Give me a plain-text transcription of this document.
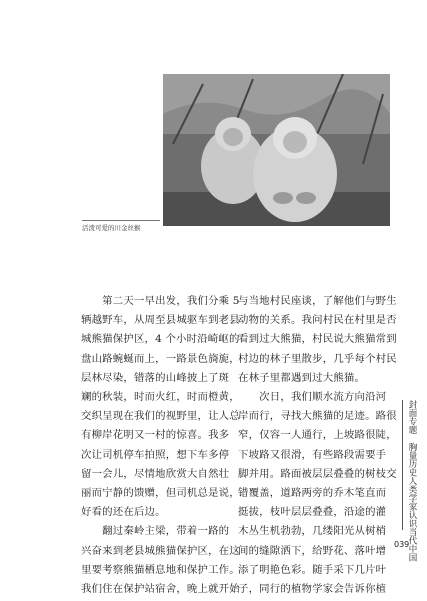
活泼可爱的川金丝猴
　　第二天一早出发，我们分乘 5
辆越野车，从周至县城驱车到老县
城熊猫保护区，4 个小时沿崎岖的
盘山路蜿蜒而上，一路景色旖旎，
层林尽染，错落的山峰披上了斑
斓的秋装，时而火红，时而橙黄，
交织呈现在我们的视野里，让人总
有柳岸花明又一村的惊喜。我多
次让司机停车拍照，想下车多停
留一会儿，尽情地欣赏大自然壮
丽而宁静的馈赠，但司机总是说，
好看的还在后边。
　　翻过秦岭主梁，带着一路的
兴奋来到老县城熊猫保护区，在这
里要考察熊猫栖息地和保护工作。
我们住在保护站宿舍，晚上就开始
与当地村民座谈，了解他们与野生
动物的关系。我问村民在村里是否
看到过大熊猫，村民说大熊猫常到
村边的林子里散步，几乎每个村民
在林子里都遇到过大熊猫。
　　次日，我们顺水流方向沿河
岸而行，寻找大熊猫的足迹。路很
窄，仅容一人通行，上坡路很陡，
下坡路又很滑，有些路段需要手
脚并用。路面被层层叠叠的树枝交
错覆盖，道路两旁的乔木笔直而
挺拔，枝叶层层叠叠，沿途的灌
木丛生机勃勃，几缕阳光从树梢
间的缝隙洒下，给野花、落叶增
添了明艳色彩。随手采下几片叶
子，同行的植物学家会告诉你植
封面专题　胸量历史人类学家认识当代中国
039
